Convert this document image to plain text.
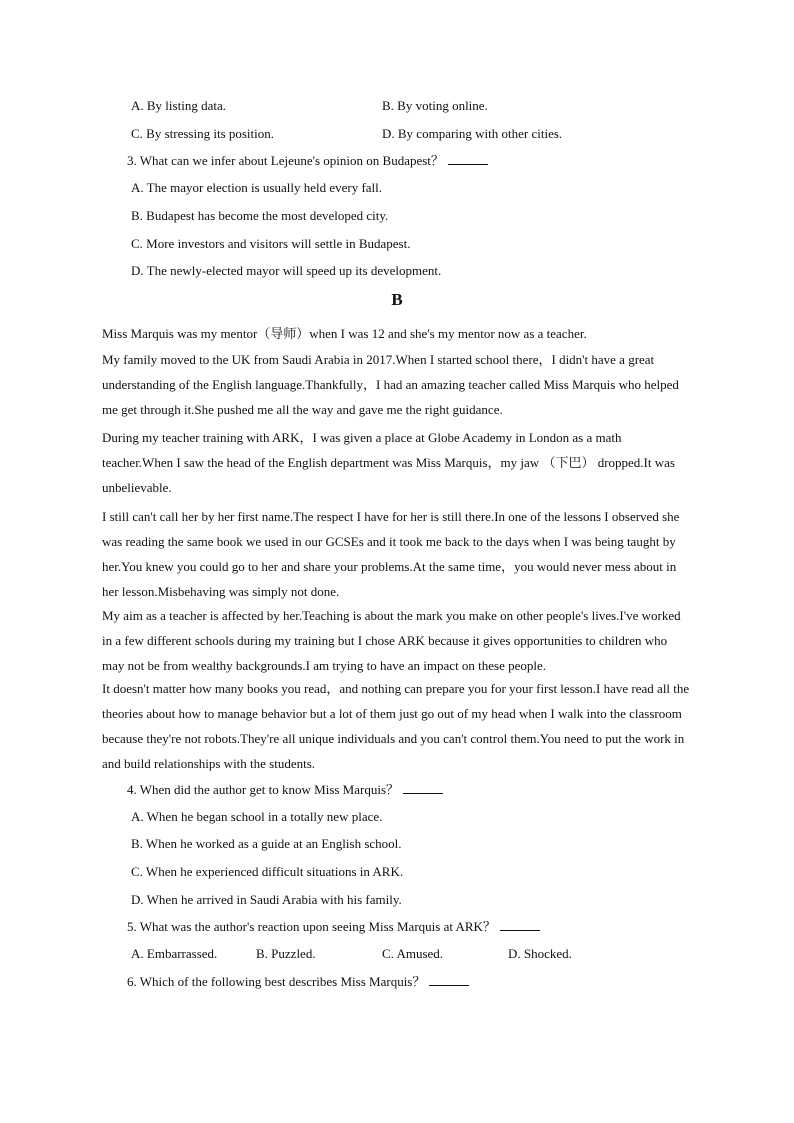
A. By listing data.	B. By voting online.
C. By stressing its position.	D. By comparing with other cities.
3. What can we infer about Lejeune's opinion on Budapest？
A. The mayor election is usually held every fall.
B. Budapest has become the most developed city.
C. More investors and visitors will settle in Budapest.
D. The newly-elected mayor will speed up its development.
B
Miss Marquis was my mentor（导师）when I was 12 and she's my mentor now as a teacher.
My family moved to the UK from Saudi Arabia in 2017.When I started school there，I didn't have a great understanding of the English language.Thankfully，I had an amazing teacher called Miss Marquis who helped me get through it.She pushed me all the way and gave me the right guidance.
During my teacher training with ARK，I was given a place at Globe Academy in London as a math teacher.When I saw the head of the English department was Miss Marquis，my jaw （下巴） dropped.It was unbelievable.
I still can't call her by her first name.The respect I have for her is still there.In one of the lessons I observed she was reading the same book we used in our GCSEs and it took me back to the days when I was being taught by her.You knew you could go to her and share your problems.At the same time，you would never mess about in her lesson.Misbehaving was simply not done.
My aim as a teacher is affected by her.Teaching is about the mark you make on other people's lives.I've worked in a few different schools during my training but I chose ARK because it gives opportunities to children who may not be from wealthy backgrounds.I am trying to have an impact on these people.
It doesn't matter how many books you read，and nothing can prepare you for your first lesson.I have read all the theories about how to manage behavior but a lot of them just go out of my head when I walk into the classroom because they're not robots.They're all unique individuals and you can't control them.You need to put the work in and build relationships with the students.
4. When did the author get to know Miss Marquis？
A. When he began school in a totally new place.
B. When he worked as a guide at an English school.
C. When he experienced difficult situations in ARK.
D. When he arrived in Saudi Arabia with his family.
5. What was the author's reaction upon seeing Miss Marquis at ARK？
A. Embarrassed.	B. Puzzled.	C. Amused.	D. Shocked.
6. Which of the following best describes Miss Marquis？
